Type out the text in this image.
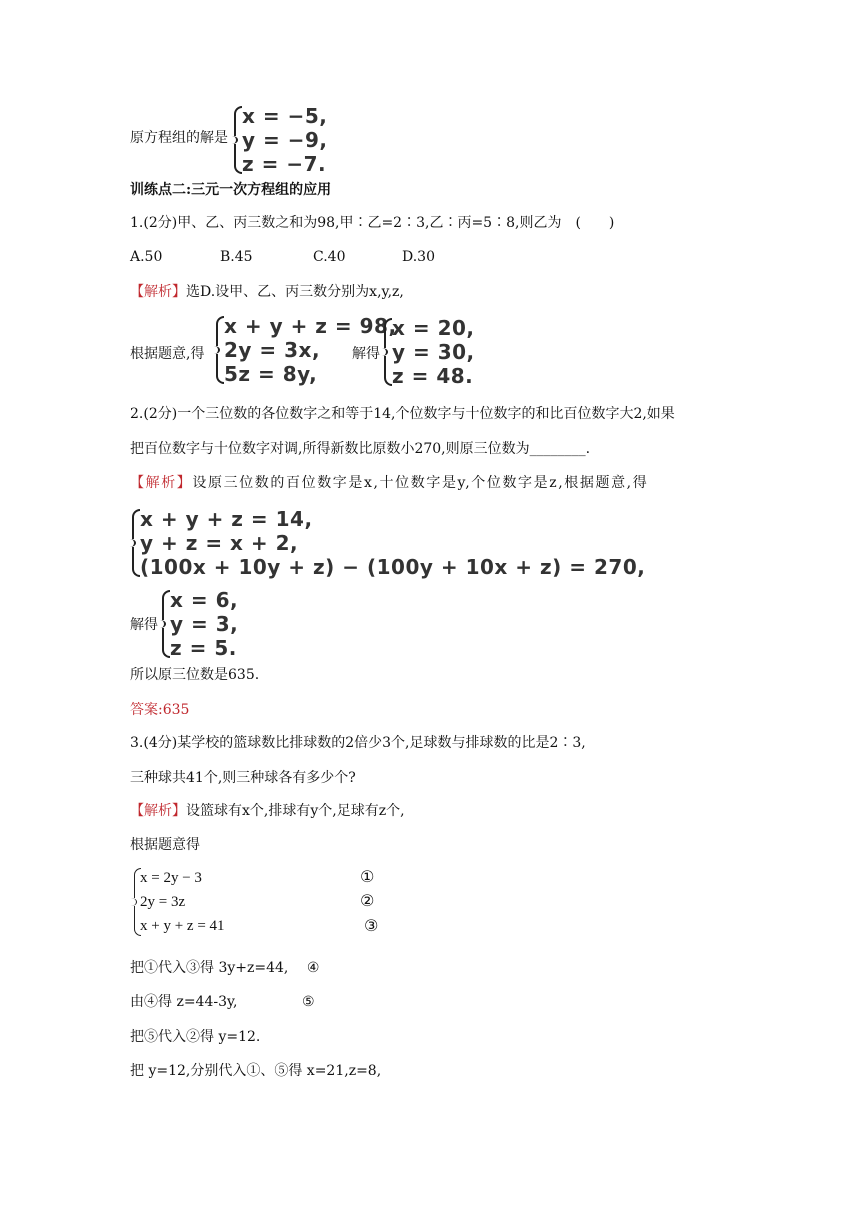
原方程组的解是
x = −5,
y = −9,
z = −7.
训练点二:三元一次方程组的应用
1.(2分)甲、乙、丙三数之和为98,甲∶乙=2∶3,乙∶丙=5∶8,则乙为　(　　)
A.50	B.45	C.40	D.30
【解析】选D.设甲、乙、丙三数分别为x,y,z,
根据题意,得
x + y + z = 98,
2y = 3x,
5z = 8y,
解得
x = 20,
y = 30,
z = 48.
2.(2分)一个三位数的各位数字之和等于14,个位数字与十位数字的和比百位数字大2,如果
把百位数字与十位数字对调,所得新数比原数小270,则原三位数为________.
【解析】设原三位数的百位数字是x,十位数字是y,个位数字是z,根据题意,得
x + y + z = 14,
y + z = x + 2,
(100x + 10y + z) − (100y + 10x + z) = 270,
解得
x = 6,
y = 3,
z = 5.
所以原三位数是635.
答案:635
3.(4分)某学校的篮球数比排球数的2倍少3个,足球数与排球数的比是2∶3,
三种球共41个,则三种球各有多少个?
【解析】设篮球有x个,排球有y个,足球有z个,
根据题意得
x = 2y − 3
2y = 3z
x + y + z = 41
①
②
③
把①代入③得 3y+z=44, ④
由④得 z=44-3y,	⑤
把⑤代入②得 y=12.
把 y=12,分别代入①、⑤得 x=21,z=8,
